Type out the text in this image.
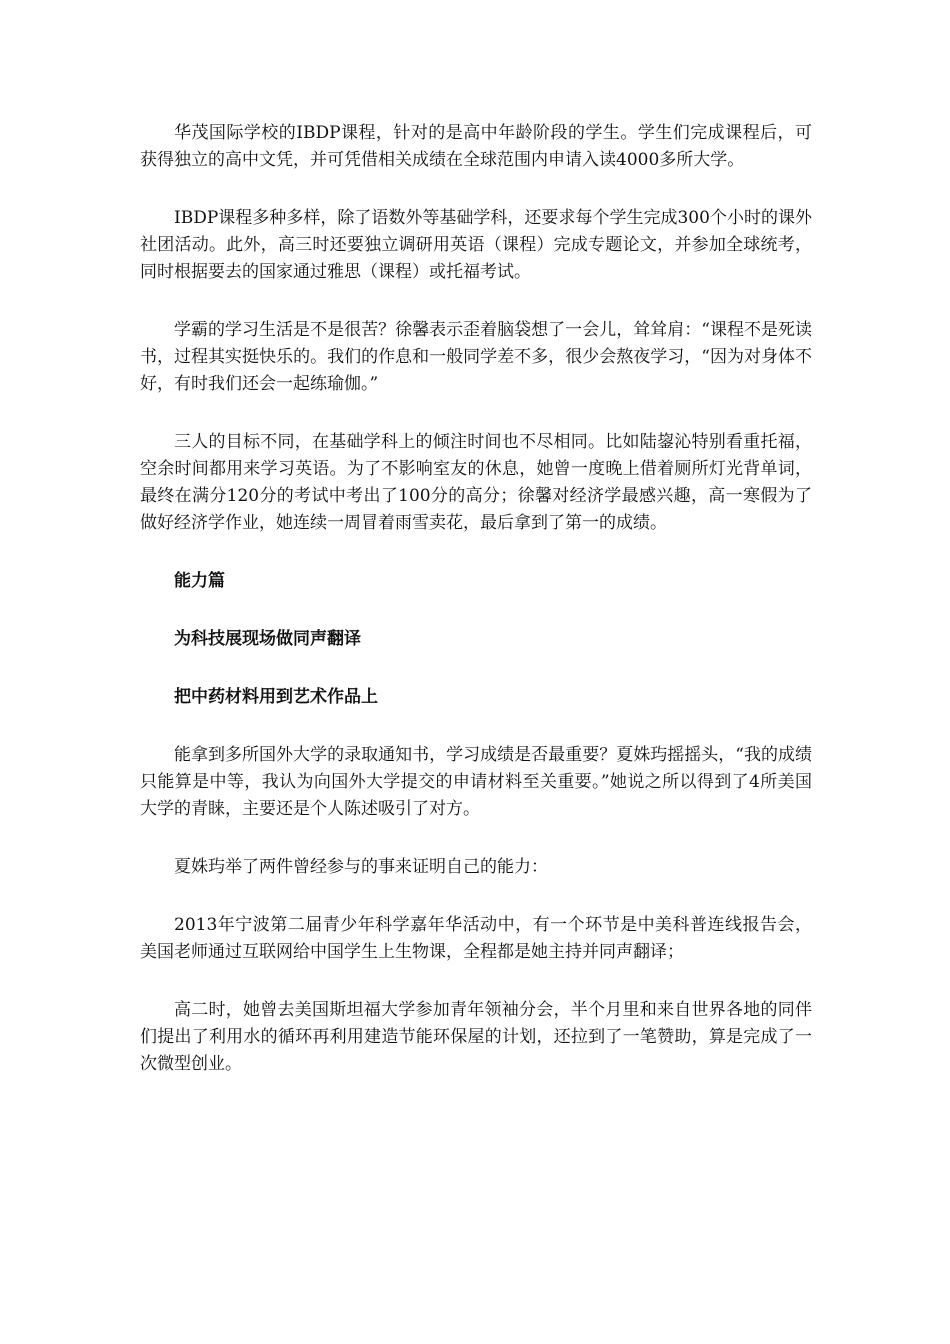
华茂国际学校的IBDP课程，针对的是高中年龄阶段的学生。学生们完成课程后，可获得独立的高中文凭，并可凭借相关成绩在全球范围内申请入读4000多所大学。

IBDP课程多种多样，除了语数外等基础学科，还要求每个学生完成300个小时的课外社团活动。此外，高三时还要独立调研用英语（课程）完成专题论文，并参加全球统考，同时根据要去的国家通过雅思（课程）或托福考试。

学霸的学习生活是不是很苦？徐馨表示歪着脑袋想了一会儿，耸耸肩：“课程不是死读书，过程其实挺快乐的。我们的作息和一般同学差不多，很少会熬夜学习，“因为对身体不好，有时我们还会一起练瑜伽。”

三人的目标不同，在基础学科上的倾注时间也不尽相同。比如陆鋆沁特别看重托福，空余时间都用来学习英语。为了不影响室友的休息，她曾一度晚上借着厕所灯光背单词，最终在满分120分的考试中考出了100分的高分；徐馨对经济学最感兴趣，高一寒假为了做好经济学作业，她连续一周冒着雨雪卖花，最后拿到了第一的成绩。

能力篇

为科技展现场做同声翻译

把中药材料用到艺术作品上

能拿到多所国外大学的录取通知书，学习成绩是否最重要？夏姝玙摇摇头，“我的成绩只能算是中等，我认为向国外大学提交的申请材料至关重要。”她说之所以得到了4所美国大学的青睐，主要还是个人陈述吸引了对方。

夏姝玙举了两件曾经参与的事来证明自己的能力：

2013年宁波第二届青少年科学嘉年华活动中，有一个环节是中美科普连线报告会，美国老师通过互联网给中国学生上生物课，全程都是她主持并同声翻译；

高二时，她曾去美国斯坦福大学参加青年领袖分会，半个月里和来自世界各地的同伴们提出了利用水的循环再利用建造节能环保屋的计划，还拉到了一笔赞助，算是完成了一次微型创业。
